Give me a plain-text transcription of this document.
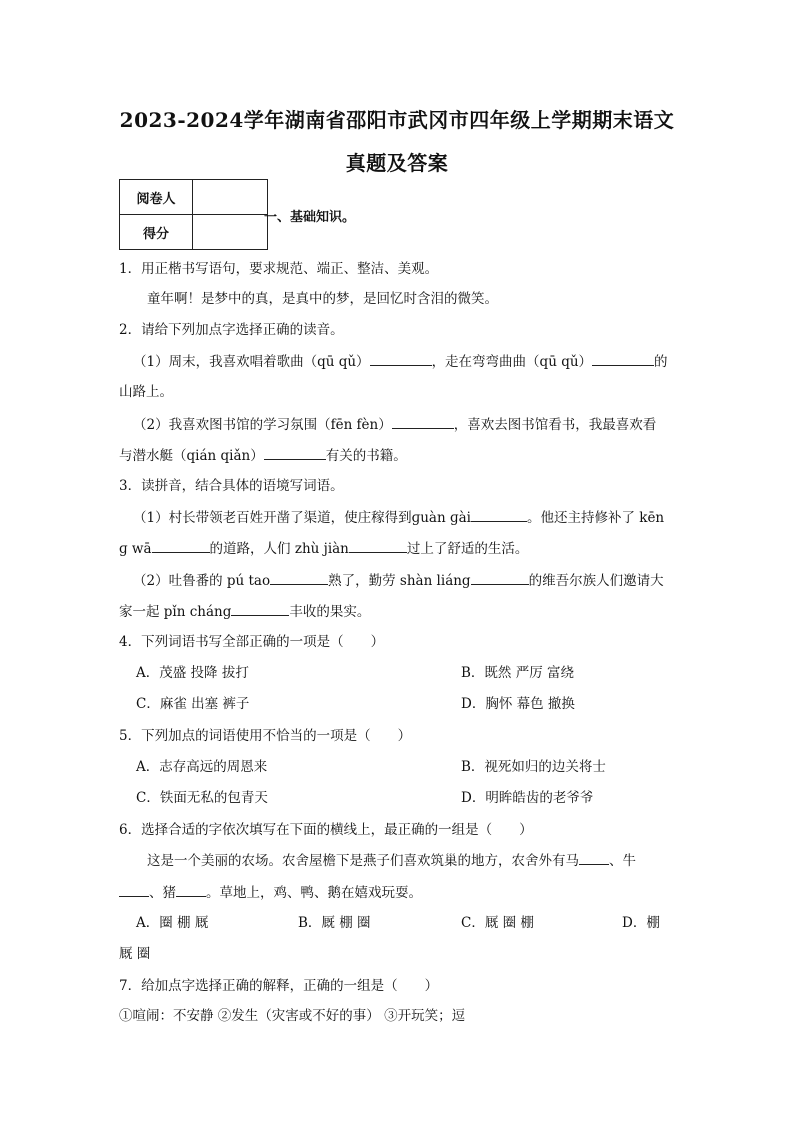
2023-2024学年湖南省邵阳市武冈市四年级上学期期末语文
真题及答案
阅卷人	
得分	
一、基础知识。
1．用正楷书写语句，要求规范、端正、整洁、美观。
童年啊！是梦中的真，是真中的梦，是回忆时含泪的微笑。
2．请给下列加点字选择正确的读音。
（1）周末，我喜欢唱着歌曲（qū qǔ）	，走在弯弯曲曲（qū qǔ）	的
山路上。
（2）我喜欢图书馆的学习氛围（fēn fèn）	，喜欢去图书馆看书，我最喜欢看
与潜水艇（qián qiǎn）	有关的书籍。
3．读拼音，结合具体的语境写词语。
（1）村长带领老百姓开凿了渠道，使庄稼得到ɡuàn ɡài	。他还主持修补了 kēn
ɡ wā	的道路，人们 zhù jiàn	过上了舒适的生活。
（2）吐鲁番的 pú tao	熟了，勤劳 shàn liáng	的维吾尔族人们邀请大
家一起 pǐn cháng	丰收的果实。
4．下列词语书写全部正确的一项是（　　）
A．茂盛 投降 拔打	B．既然 严厉 富绕
C．麻雀 出塞 裤子	D．胸怀 幕色 撤换
5．下列加点的词语使用不恰当的一项是（　　）
A．志存高远的周恩来	B．视死如归的边关将士
C．铁面无私的包青天	D．明眸皓齿的老爷爷
6．选择合适的字依次填写在下面的横线上，最正确的一组是（　　）
这是一个美丽的农场。农舍屋檐下是燕子们喜欢筑巢的地方，农舍外有马 、牛
、猪 。草地上，鸡、鸭、鹅在嬉戏玩耍。
A．圈 棚 厩	B．厩 棚 圈	C．厩 圈 棚	D．棚
厩 圈
7．给加点字选择正确的解释，正确的一组是（　　）
①喧闹：不安静 ②发生（灾害或不好的事） ③开玩笑；逗
